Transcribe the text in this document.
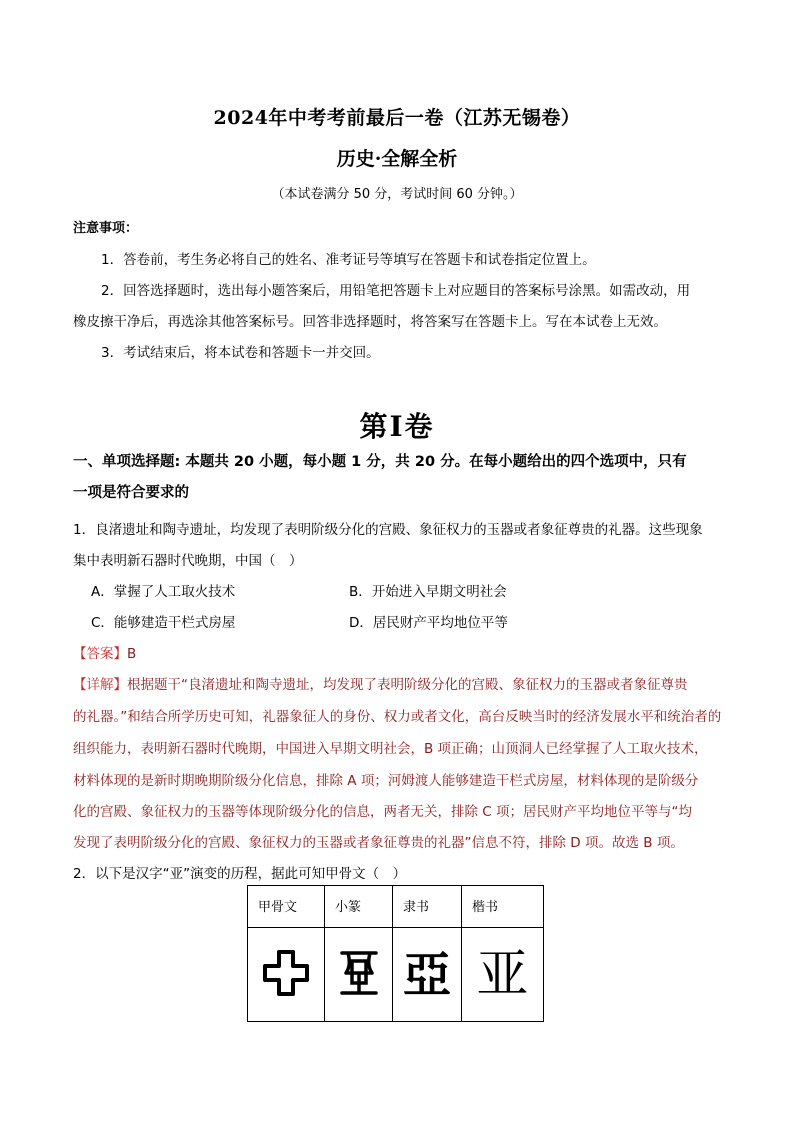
2024年中考考前最后一卷（江苏无锡卷）
历史·全解全析
（本试卷满分 50 分，考试时间 60 分钟。）
注意事项：
1．答卷前，考生务必将自己的姓名、准考证号等填写在答题卡和试卷指定位置上。
2．回答选择题时，选出每小题答案后，用铅笔把答题卡上对应题目的答案标号涂黑。如需改动，用
橡皮擦干净后，再选涂其他答案标号。回答非选择题时，将答案写在答题卡上。写在本试卷上无效。
3．考试结束后，将本试卷和答题卡一并交回。
第Ⅰ卷
一、单项选择题: 本题共 20 小题，每小题 1 分，共 20 分。在每小题给出的四个选项中，只有
一项是符合要求的
1．良渚遗址和陶寺遗址，均发现了表明阶级分化的宫殿、象征权力的玉器或者象征尊贵的礼器。这些现象
集中表明新石器时代晚期，中国（　）
A．掌握了人工取火技术	B．开始进入早期文明社会
C．能够建造干栏式房屋	D．居民财产平均地位平等
【答案】B
【详解】根据题干“良渚遗址和陶寺遗址，均发现了表明阶级分化的宫殿、象征权力的玉器或者象征尊贵
的礼器。”和结合所学历史可知，礼器象征人的身份、权力或者文化，高台反映当时的经济发展水平和统治者的
组织能力，表明新石器时代晚期，中国进入早期文明社会，B 项正确；山顶洞人已经掌握了人工取火技术，
材料体现的是新时期晚期阶级分化信息，排除 A 项；河姆渡人能够建造干栏式房屋，材料体现的是阶级分
化的宫殿、象征权力的玉器等体现阶级分化的信息，两者无关，排除 C 项；居民财产平均地位平等与“均
发现了表明阶级分化的宫殿、象征权力的玉器或者象征尊贵的礼器”信息不符，排除 D 项。故选 B 项。
2．以下是汉字“亚”演变的历程，据此可知甲骨文（　）
甲骨文	小篆	隶书	楷书
		亞	亚
